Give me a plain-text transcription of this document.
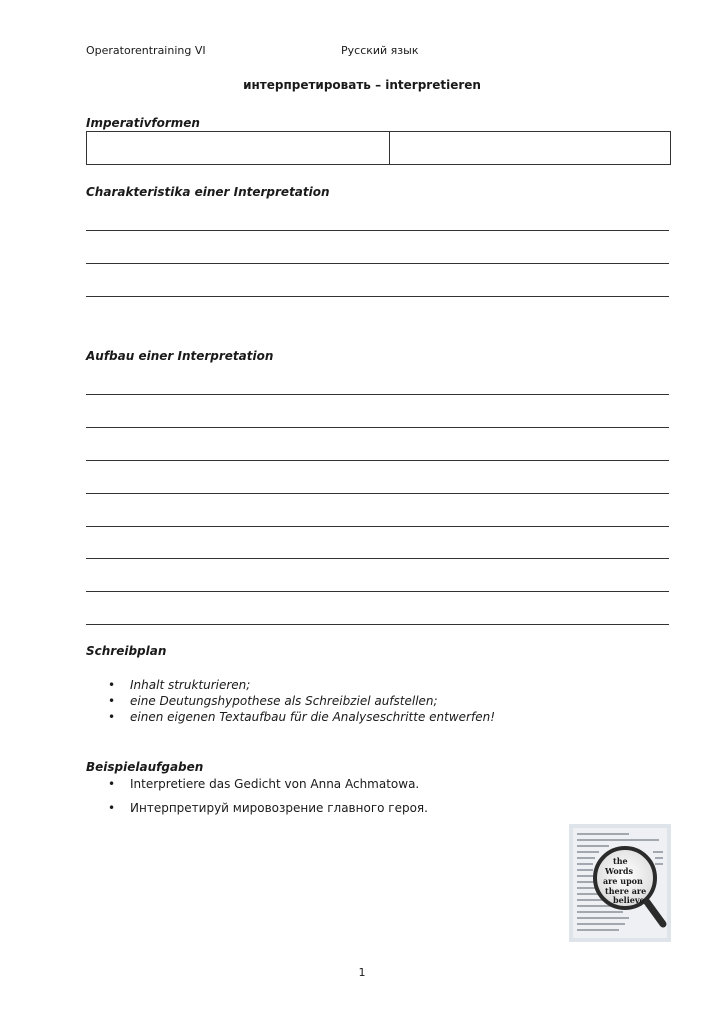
Operatorentraining VI	Русский язык
интерпретировать – interpretieren
Imperativformen

Charakteristika einer Interpretation
Aufbau einer Interpretation
Schreibplan
• Inhalt strukturieren;
• eine Deutungshypothese als Schreibziel aufstellen;
• einen eigenen Textaufbau für die Analyseschritte entwerfen!
Beispielaufgaben
• Interpretiere das Gedicht von Anna Achmatowa.
• Интерпретируй мировозрение главного героя.
the Words are upon there are believe
1
